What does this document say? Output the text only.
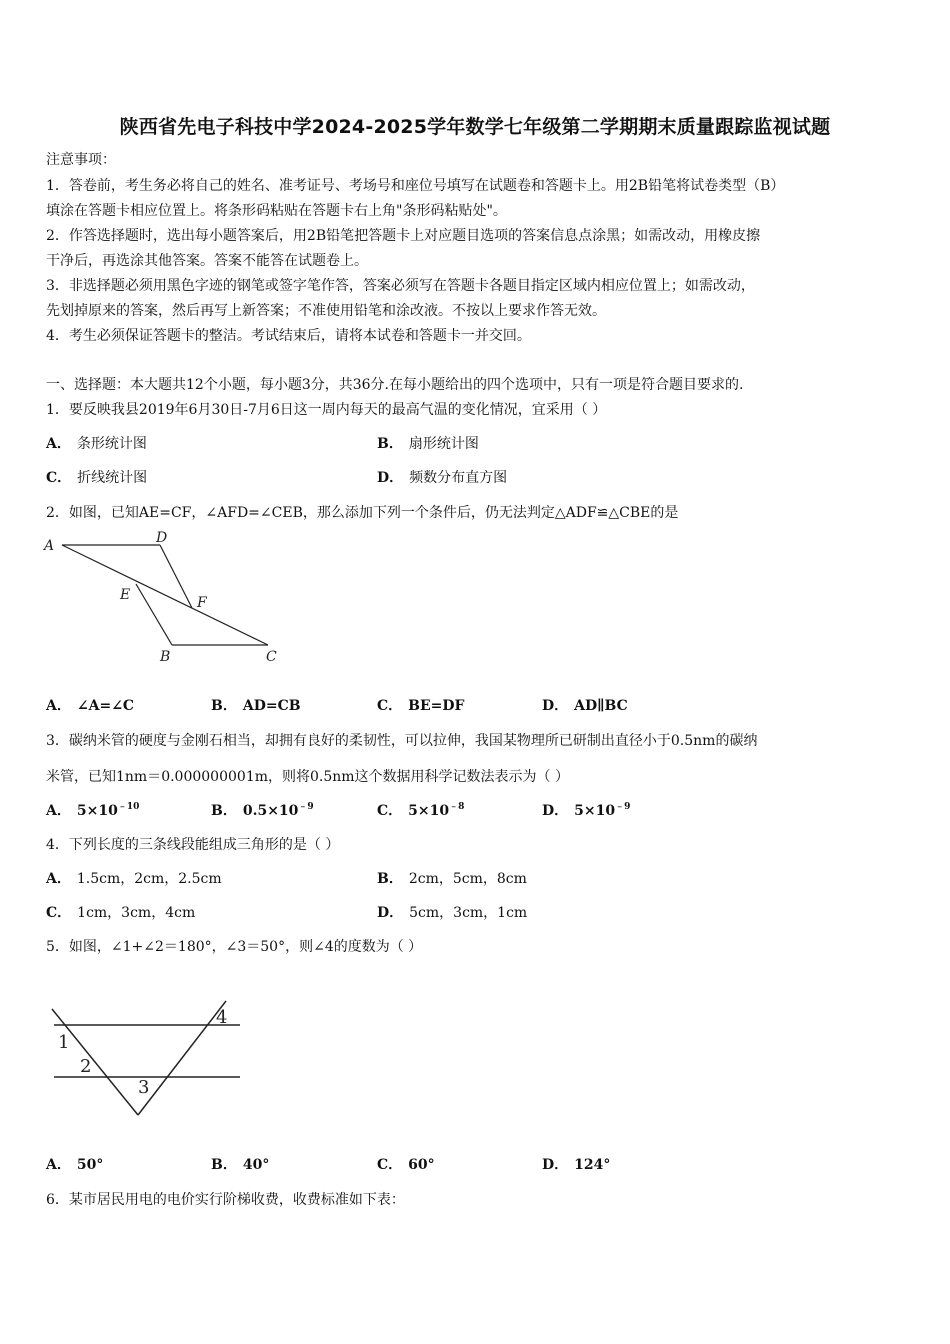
陕西省先电子科技中学2024-2025学年数学七年级第二学期期末质量跟踪监视试题
注意事项：
1．答卷前，考生务必将自己的姓名、准考证号、考场号和座位号填写在试题卷和答题卡上。用2B铅笔将试卷类型（B）
填涂在答题卡相应位置上。将条形码粘贴在答题卡右上角"条形码粘贴处"。
2．作答选择题时，选出每小题答案后，用2B铅笔把答题卡上对应题目选项的答案信息点涂黑；如需改动，用橡皮擦
干净后，再选涂其他答案。答案不能答在试题卷上。
3．非选择题必须用黑色字迹的钢笔或签字笔作答，答案必须写在答题卡各题目指定区域内相应位置上；如需改动，
先划掉原来的答案，然后再写上新答案；不准使用铅笔和涂改液。不按以上要求作答无效。
4．考生必须保证答题卡的整洁。考试结束后，请将本试卷和答题卡一并交回。
一、选择题：本大题共12个小题，每小题3分，共36分.在每小题给出的四个选项中，只有一项是符合题目要求的.
1．要反映我县2019年6月30日-7月6日这一周内每天的最高气温的变化情况，宜采用（ ）
A． 条形统计图	B． 扇形统计图
C． 折线统计图	D． 频数分布直方图
2．如图，已知AE=CF，∠AFD=∠CEB，那么添加下列一个条件后，仍无法判定△ADF≌△CBE的是
A	D
E	F
B	C
A． ∠A=∠C	B． AD=CB	C． BE=DF	D． AD∥BC
3．碳纳米管的硬度与金刚石相当，却拥有良好的柔韧性，可以拉伸，我国某物理所已研制出直径小于0.5nm的碳纳
米管，已知1nm＝0.000000001m，则将0.5nm这个数据用科学记数法表示为（ ）
A． $5\times 10^{﹣10}$	B． $0.5\times 10^{﹣9}$	C． $5\times 10^{﹣8}$	D． $5\times 10^{﹣9}$
4．下列长度的三条线段能组成三角形的是（ ）
A． 1.5cm，2cm，2.5cm	B． 2cm，5cm，8cm
C． 1cm，3cm，4cm	D． 5cm，3cm，1cm
5．如图，∠1+∠2＝180°，∠3＝50°，则∠4的度数为（ ）
1
2
3
4
A． 50°	B． 40°	C． 60°	D． 124°
6．某市居民用电的电价实行阶梯收费，收费标准如下表：
